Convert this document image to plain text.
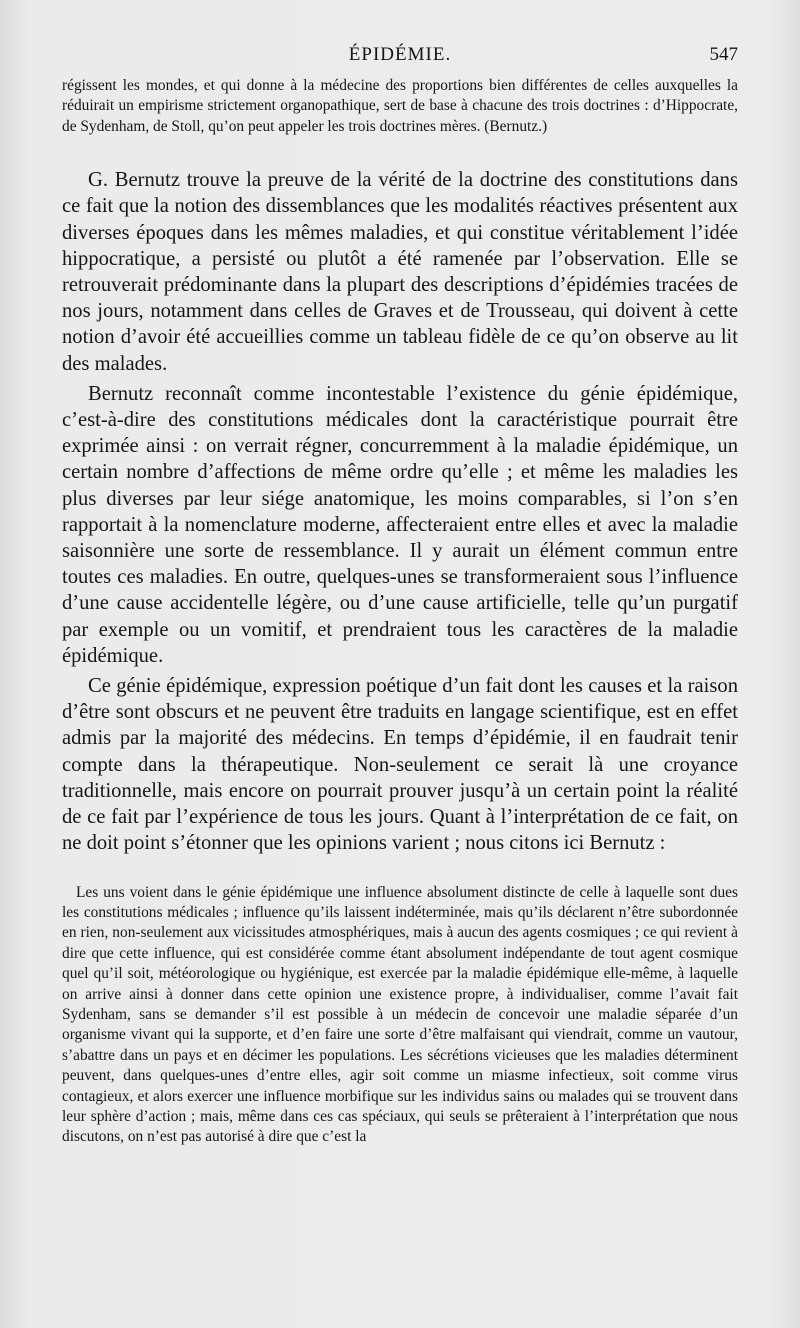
ÉPIDÉMIE.	547

régissent les mondes, et qui donne à la médecine des proportions bien différentes de celles auxquelles la réduirait un empirisme strictement organopathique, sert de base à chacune des trois doctrines : d’Hippocrate, de Sydenham, de Stoll, qu’on peut appeler les trois doctrines mères. (Bernutz.)

G. Bernutz trouve la preuve de la vérité de la doctrine des constitutions dans ce fait que la notion des dissemblances que les modalités réactives présentent aux diverses époques dans les mêmes maladies, et qui constitue véritablement l’idée hippocratique, a persisté ou plutôt a été ramenée par l’observation. Elle se retrouverait prédominante dans la plupart des descriptions d’épidémies tracées de nos jours, notamment dans celles de Graves et de Trousseau, qui doivent à cette notion d’avoir été accueillies comme un tableau fidèle de ce qu’on observe au lit des malades.

Bernutz reconnaît comme incontestable l’existence du génie épidémique, c’est-à-dire des constitutions médicales dont la caractéristique pourrait être exprimée ainsi : on verrait régner, concurremment à la maladie épidémique, un certain nombre d’affections de même ordre qu’elle ; et même les maladies les plus diverses par leur siége anatomique, les moins comparables, si l’on s’en rapportait à la nomenclature moderne, affecteraient entre elles et avec la maladie saisonnière une sorte de ressemblance. Il y aurait un élément commun entre toutes ces maladies. En outre, quelques-unes se transformeraient sous l’influence d’une cause accidentelle légère, ou d’une cause artificielle, telle qu’un purgatif par exemple ou un vomitif, et prendraient tous les caractères de la maladie épidémique.

Ce génie épidémique, expression poétique d’un fait dont les causes et la raison d’être sont obscurs et ne peuvent être traduits en langage scientifique, est en effet admis par la majorité des médecins. En temps d’épidémie, il en faudrait tenir compte dans la thérapeutique. Non-seulement ce serait là une croyance traditionnelle, mais encore on pourrait prouver jusqu’à un certain point la réalité de ce fait par l’expérience de tous les jours. Quant à l’interprétation de ce fait, on ne doit point s’étonner que les opinions varient ; nous citons ici Bernutz :

Les uns voient dans le génie épidémique une influence absolument distincte de celle à laquelle sont dues les constitutions médicales ; influence qu’ils laissent indéterminée, mais qu’ils déclarent n’être subordonnée en rien, non-seulement aux vicissitudes atmosphériques, mais à aucun des agents cosmiques ; ce qui revient à dire que cette influence, qui est considérée comme étant absolument indépendante de tout agent cosmique quel qu’il soit, météorologique ou hygiénique, est exercée par la maladie épidémique elle-même, à laquelle on arrive ainsi à donner dans cette opinion une existence propre, à individualiser, comme l’avait fait Sydenham, sans se demander s’il est possible à un médecin de concevoir une maladie séparée d’un organisme vivant qui la supporte, et d’en faire une sorte d’être malfaisant qui viendrait, comme un vautour, s’abattre dans un pays et en décimer les populations. Les sécrétions vicieuses que les maladies déterminent peuvent, dans quelques-unes d’entre elles, agir soit comme un miasme infectieux, soit comme virus contagieux, et alors exercer une influence morbifique sur les individus sains ou malades qui se trouvent dans leur sphère d’action ; mais, même dans ces cas spéciaux, qui seuls se prêteraient à l’interprétation que nous discutons, on n’est pas autorisé à dire que c’est la
